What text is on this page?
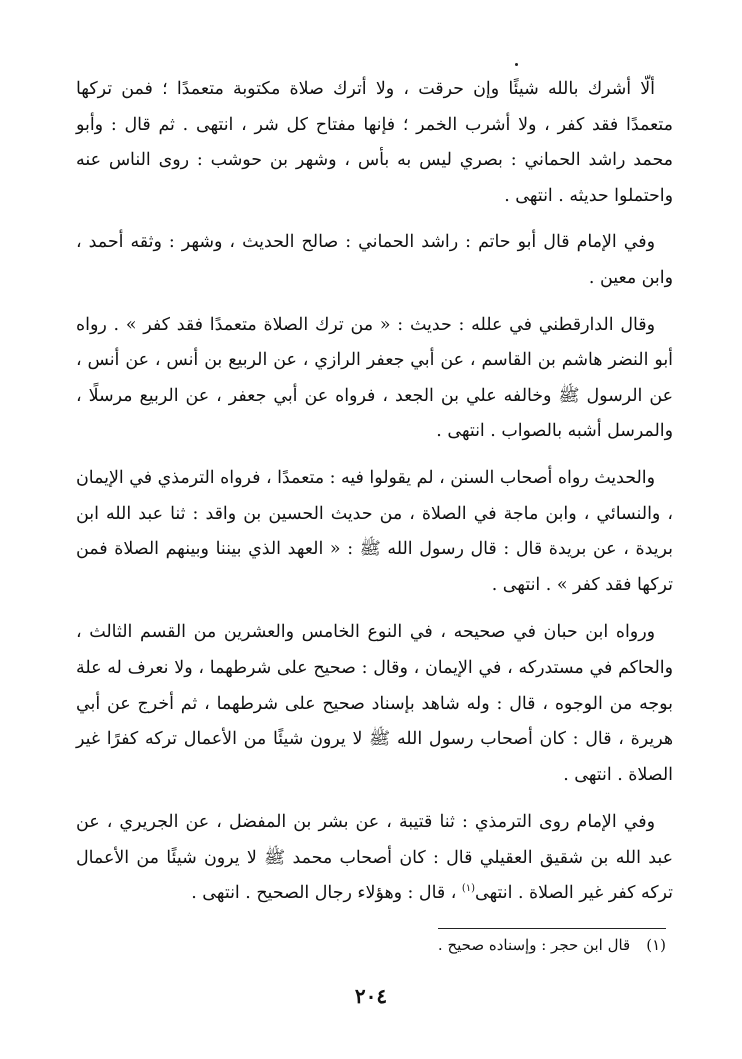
ألّا أشرك بالله شيئًا وإن حرقت ، ولا أترك صلاة مكتوبة متعمدًا ؛ فمن تركها متعمدًا فقد كفر ، ولا أشرب الخمر ؛ فإنها مفتاح كل شر ، انتهى . ثم قال : وأبو محمد راشد الحماني : بصري ليس به بأس ، وشهر بن حوشب : روى الناس عنه واحتملوا حديثه . انتهى .

وفي الإمام قال أبو حاتم : راشد الحماني : صالح الحديث ، وشهر : وثقه أحمد ، وابن معين .

وقال الدارقطني في علله : حديث : « من ترك الصلاة متعمدًا فقد كفر » . رواه أبو النضر هاشم بن القاسم ، عن أبي جعفر الرازي ، عن الربيع بن أنس ، عن أنس ، عن الرسول ﷺ وخالفه علي بن الجعد ، فرواه عن أبي جعفر ، عن الربيع مرسلًا ، والمرسل أشبه بالصواب . انتهى .

والحديث رواه أصحاب السنن ، لم يقولوا فيه : متعمدًا ، فرواه الترمذي في الإيمان ، والنسائي ، وابن ماجة في الصلاة ، من حديث الحسين بن واقد : ثنا عبد الله ابن بريدة ، عن بريدة قال : قال رسول الله ﷺ : « العهد الذي بيننا وبينهم الصلاة فمن تركها فقد كفر » . انتهى .

ورواه ابن حبان في صحيحه ، في النوع الخامس والعشرين من القسم الثالث ، والحاكم في مستدركه ، في الإيمان ، وقال : صحيح على شرطهما ، ولا نعرف له علة بوجه من الوجوه ، قال : وله شاهد بإسناد صحيح على شرطهما ، ثم أخرج عن أبي هريرة ، قال : كان أصحاب رسول الله ﷺ لا يرون شيئًا من الأعمال تركه كفرًا غير الصلاة . انتهى .

وفي الإمام روى الترمذي : ثنا قتيبة ، عن بشر بن المفضل ، عن الجريري ، عن عبد الله بن شقيق العقيلي قال : كان أصحاب محمد ﷺ لا يرون شيئًا من الأعمال تركه كفر غير الصلاة . انتهى$^{(١)}$ ، قال : وهؤلاء رجال الصحيح . انتهى .

(١)قال ابن حجر : وإسناده صحيح .
٢٠٤
